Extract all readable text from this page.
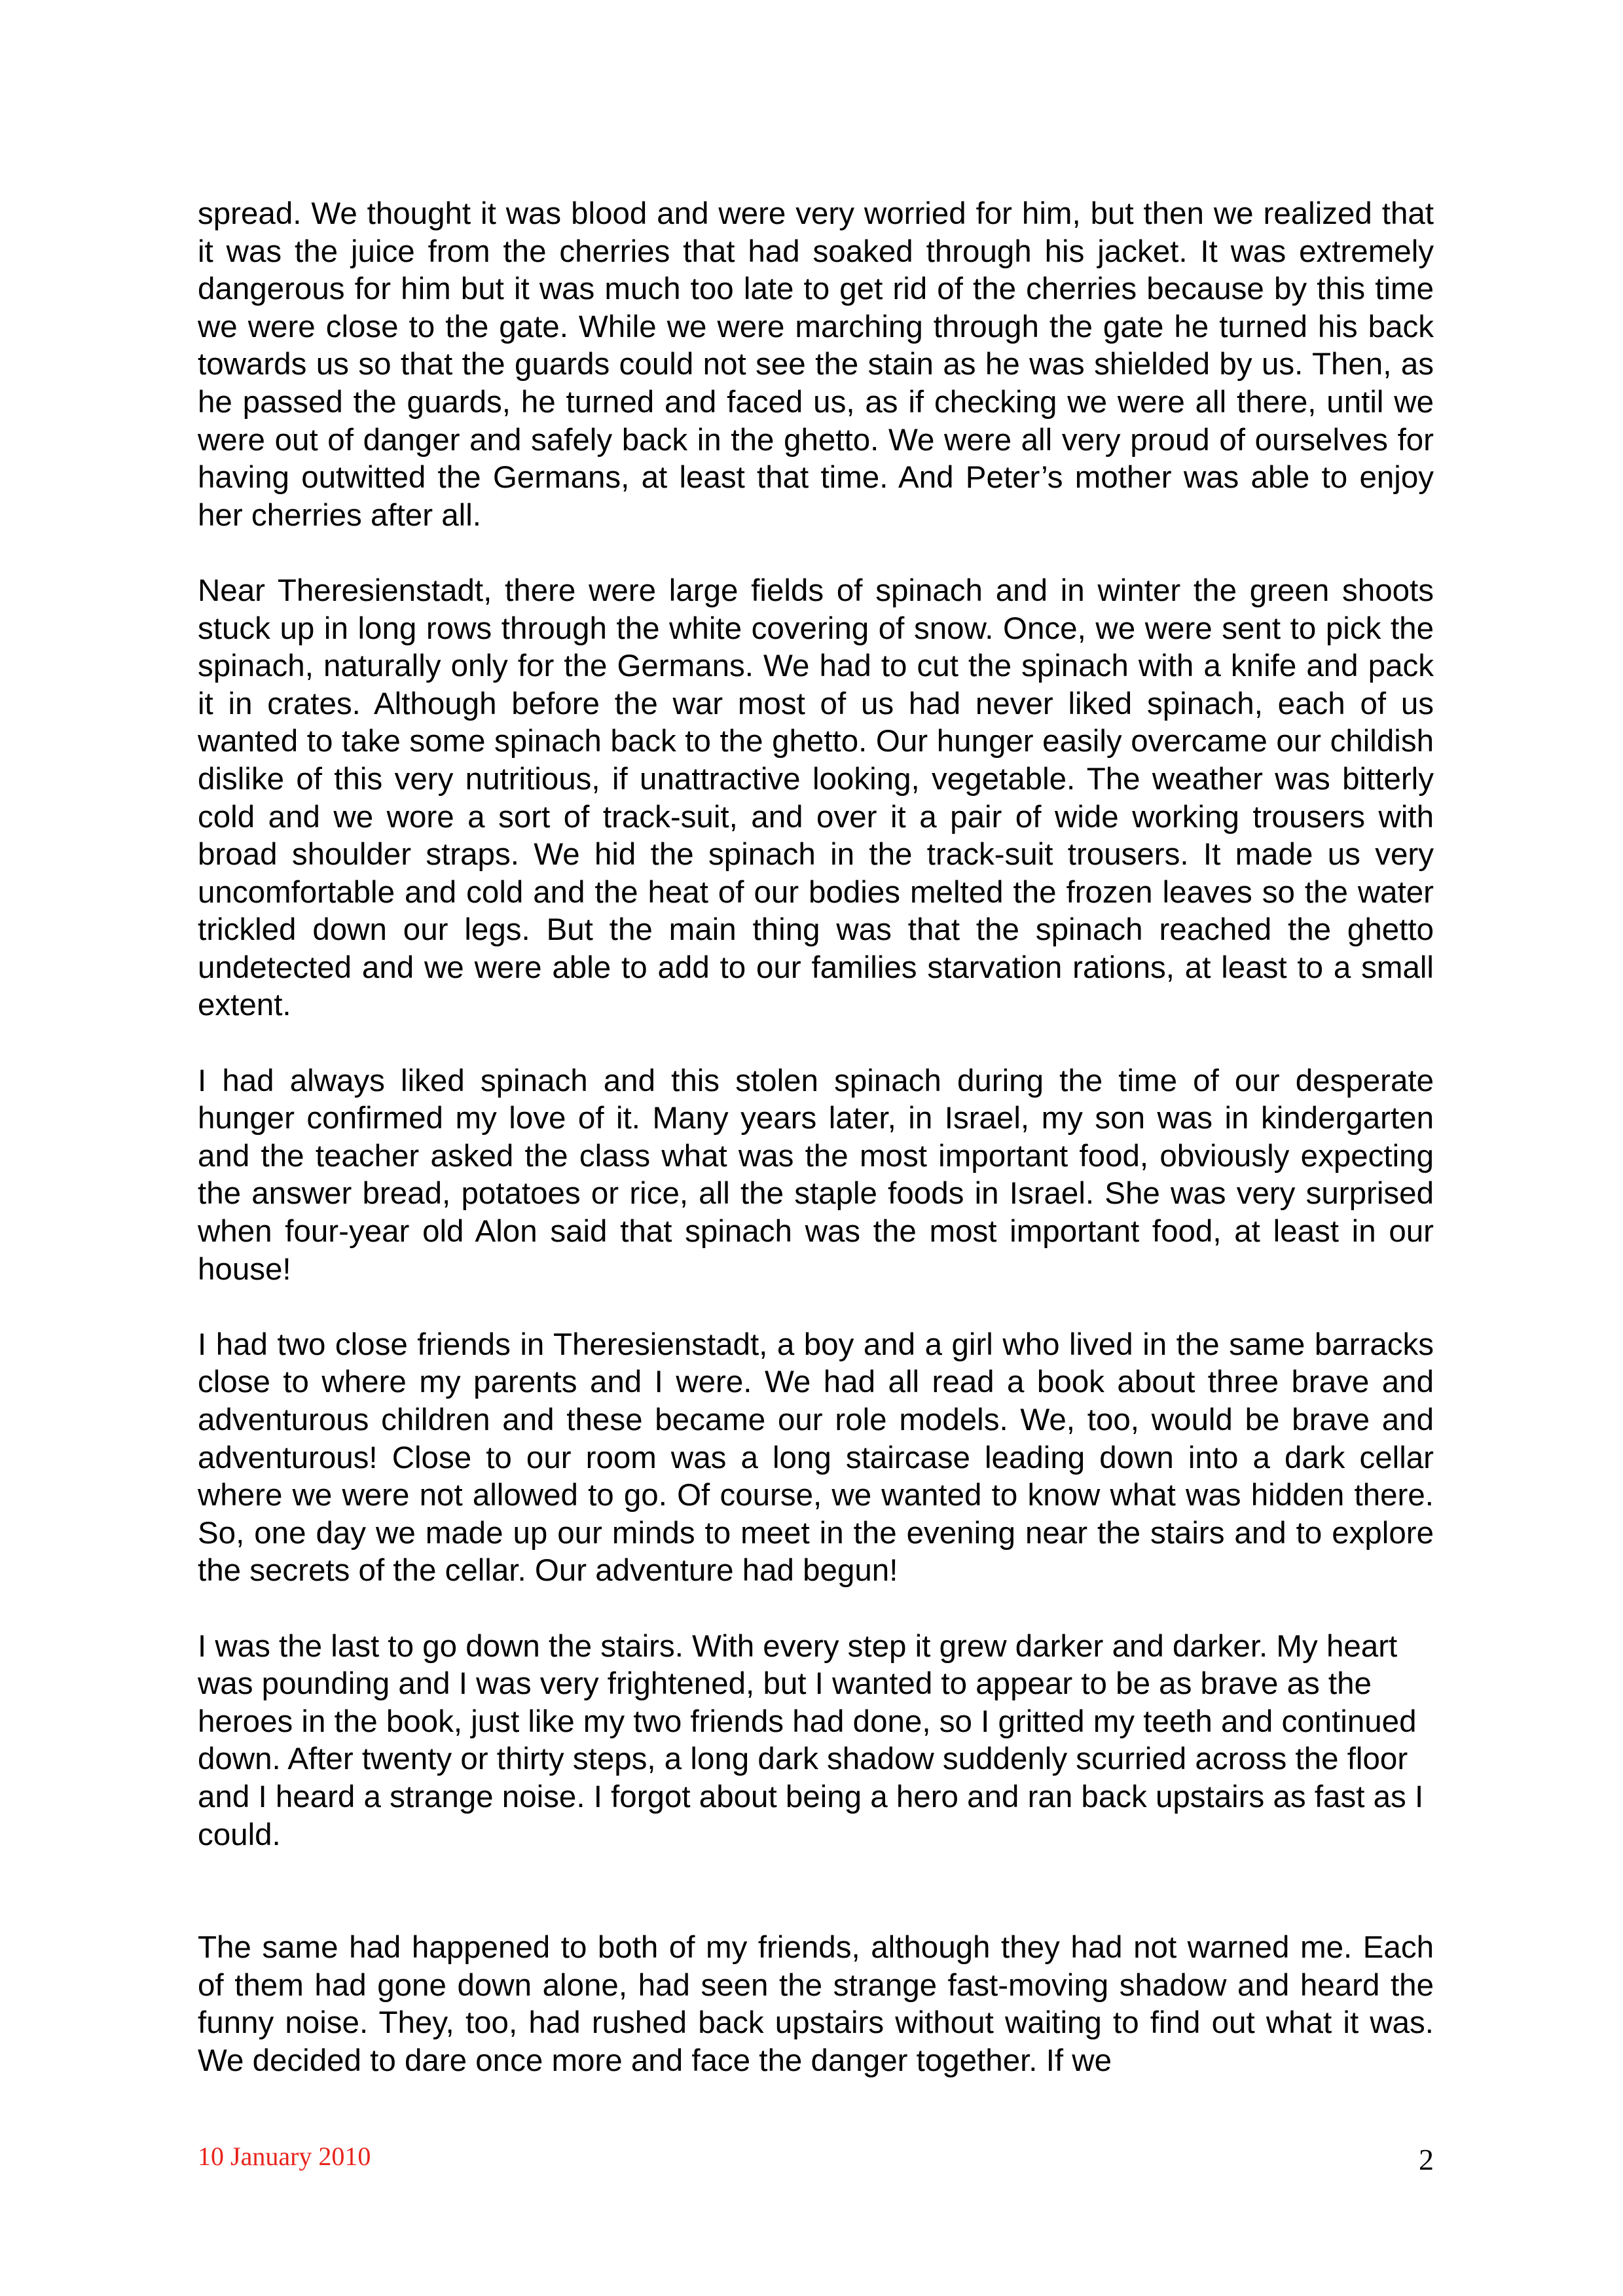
spread. We thought it was blood and were very worried for him, but then we realized that it was the juice from the cherries that had soaked through his jacket. It was extremely dangerous for him but it was much too late to get rid of the cherries because by this time we were close to the gate. While we were marching through the gate he turned his back towards us so that the guards could not see the stain as he was shielded by us. Then, as he passed the guards, he turned and faced us, as if checking we were all there, until we were out of danger and safely back in the ghetto. We were all very proud of ourselves for having outwitted the Germans, at least that time. And Peter’s mother was able to enjoy her cherries after all.

Near Theresienstadt, there were large fields of spinach and in winter the green shoots stuck up in long rows through the white covering of snow. Once, we were sent to pick the spinach, naturally only for the Germans. We had to cut the spinach with a knife and pack it in crates. Although before the war most of us had never liked spinach, each of us wanted to take some spinach back to the ghetto. Our hunger easily overcame our childish dislike of this very nutritious, if unattractive looking, vegetable. The weather was bitterly cold and we wore a sort of track-suit, and over it a pair of wide working trousers with broad shoulder straps. We hid the spinach in the track-suit trousers. It made us very uncomfortable and cold and the heat of our bodies melted the frozen leaves so the water trickled down our legs. But the main thing was that the spinach reached the ghetto undetected and we were able to add to our families starvation rations, at least to a small extent.

I had always liked spinach and this stolen spinach during the time of our desperate hunger confirmed my love of it. Many years later, in Israel, my son was in kindergarten and the teacher asked the class what was the most important food, obviously expecting the answer bread, potatoes or rice, all the staple foods in Israel. She was very surprised when four-year old Alon said that spinach was the most important food, at least in our house!

I had two close friends in Theresienstadt, a boy and a girl who lived in the same barracks close to where my parents and I were. We had all read a book about three brave and adventurous children and these became our role models. We, too, would be brave and adventurous! Close to our room was a long staircase leading down into a dark cellar where we were not allowed to go. Of course, we wanted to know what was hidden there. So, one day we made up our minds to meet in the evening near the stairs and to explore the secrets of the cellar. Our adventure had begun!

I was the last to go down the stairs. With every step it grew darker and darker. My heart was pounding and I was very frightened, but I wanted to appear to be as brave as the heroes in the book, just like my two friends had done, so I gritted my teeth and continued down. After twenty or thirty steps, a long dark shadow suddenly scurried across the floor and I heard a strange noise. I forgot about being a hero and ran back upstairs as fast as I could.

The same had happened to both of my friends, although they had not warned me. Each of them had gone down alone, had seen the strange fast-moving shadow and heard the funny noise. They, too, had rushed back upstairs without waiting to find out what it was. We decided to dare once more and face the danger together. If we

10 January 2010	2
